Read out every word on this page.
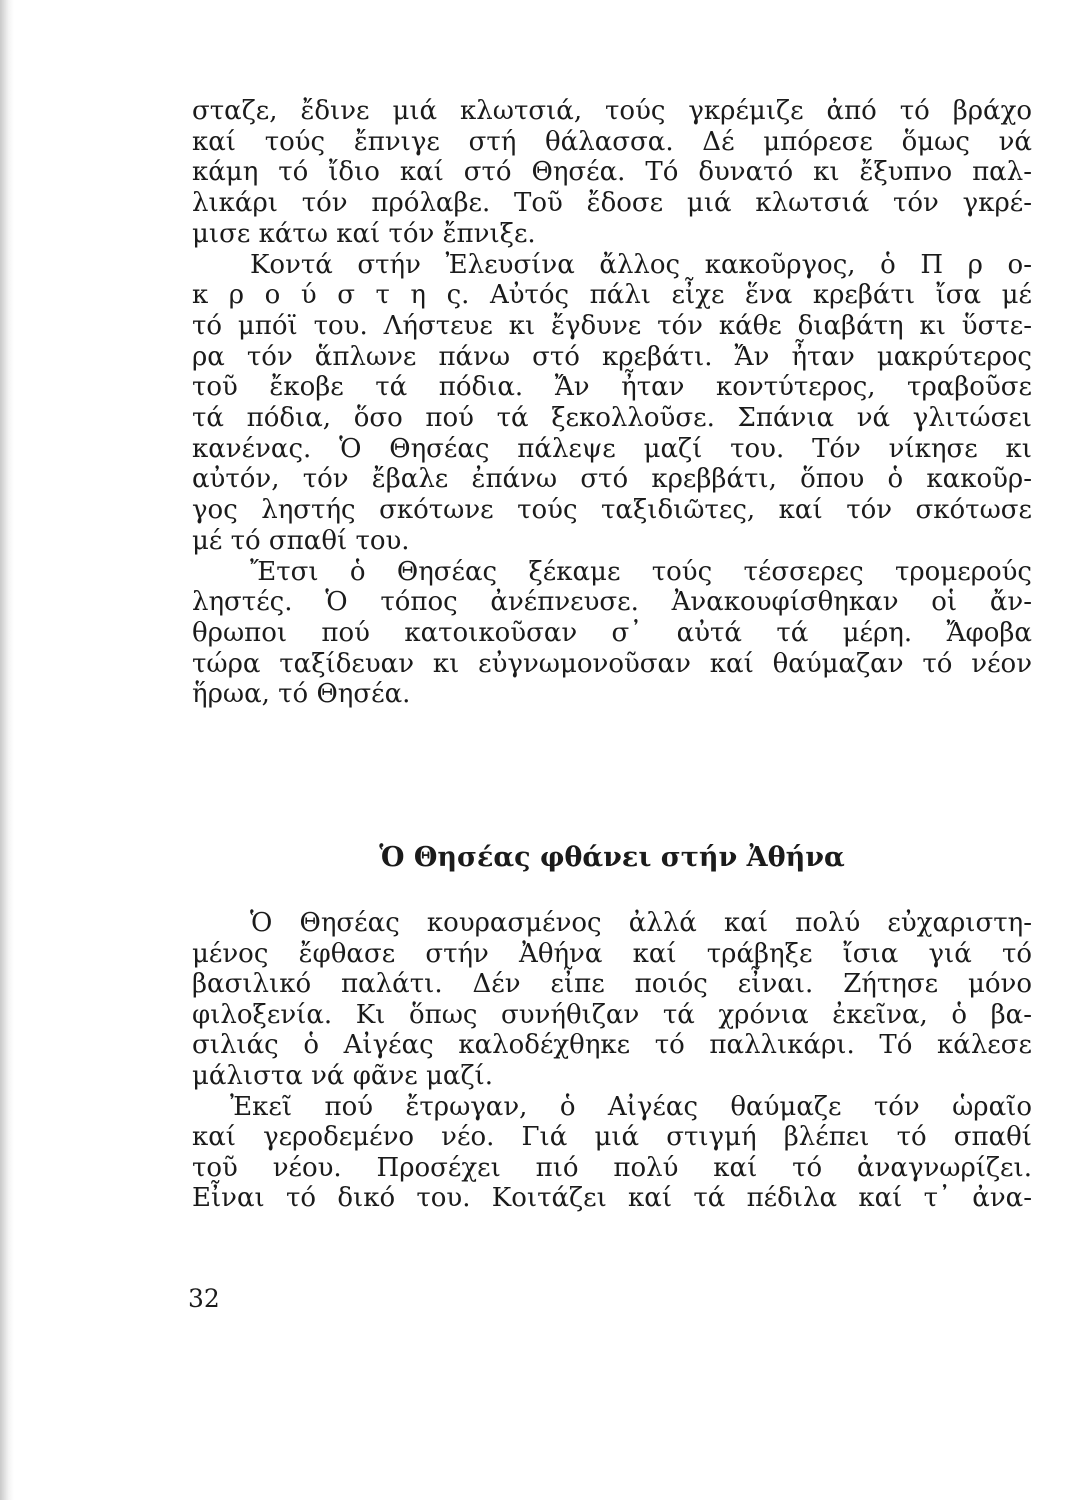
σταζε, ἔδινε μιά κλωτσιά, τούς γκρέμιζε ἀπό τό βράχο
καί τούς ἔπνιγε στή θάλασσα. Δέ μπόρεσε ὅμως νά
κάμη τό ἴδιο καί στό Θησέα. Τό δυνατό κι ἔξυπνο παλ-
λικάρι τόν πρόλαβε. Τοῦ ἔδοσε μιά κλωτσιά τόν γκρέ-
μισε κάτω καί τόν ἔπνιξε.
Κοντά στήν Ἐλευσίνα ἄλλος κακοῦργος, ὁ Π ρ ο-
κ ρ ο ύ σ τ η ς. Αὐτός πάλι εἶχε ἕνα κρεβάτι ἴσα μέ
τό μπόϊ του. Λήστευε κι ἔγδυνε τόν κάθε διαβάτη κι ὕστε-
ρα τόν ἅπλωνε πάνω στό κρεβάτι. Ἄν ἦταν μακρύτερος
τοῦ ἔκοβε τά πόδια. Ἄν ἦταν κοντύτερος, τραβοῦσε
τά πόδια, ὅσο πού τά ξεκολλοῦσε. Σπάνια νά γλιτώσει
κανένας. Ὁ Θησέας πάλεψε μαζί του. Τόν νίκησε κι
αὐτόν, τόν ἔβαλε ἐπάνω στό κρεββάτι, ὅπου ὁ κακοῦρ-
γος ληστής σκότωνε τούς ταξιδιῶτες, καί τόν σκότωσε
μέ τό σπαθί του.
Ἔτσι ὁ Θησέας ξέκαμε τούς τέσσερες τρομερούς
ληστές. Ὁ τόπος ἀνέπνευσε. Ἀνακουφίσθηκαν οἱ ἄν-
θρωποι πού κατοικοῦσαν σ᾿ αὐτά τά μέρη. Ἄφοβα
τώρα ταξίδευαν κι εὐγνωμονοῦσαν καί θαύμαζαν τό νέον
ἥρωα, τό Θησέα.
Ὁ Θησέας φθάνει στήν Ἀθήνα
Ὁ Θησέας κουρασμένος ἀλλά καί πολύ εὐχαριστη-
μένος ἔφθασε στήν Ἀθήνα καί τράβηξε ἴσια γιά τό
βασιλικό παλάτι. Δέν εἶπε ποιός εἶναι. Ζήτησε μόνο
φιλοξενία. Κι ὅπως συνήθιζαν τά χρόνια ἐκεῖνα, ὁ βα-
σιλιάς ὁ Αἰγέας καλοδέχθηκε τό παλλικάρι. Τό κάλεσε
μάλιστα νά φᾶνε μαζί.
Ἐκεῖ πού ἔτρωγαν, ὁ Αἰγέας θαύμαζε τόν ὡραῖο
καί γεροδεμένο νέο. Γιά μιά στιγμή βλέπει τό σπαθί
τοῦ νέου. Προσέχει πιό πολύ καί τό ἀναγνωρίζει.
Εἶναι τό δικό του. Κοιτάζει καί τά πέδιλα καί τ᾿ ἀνα-
32
